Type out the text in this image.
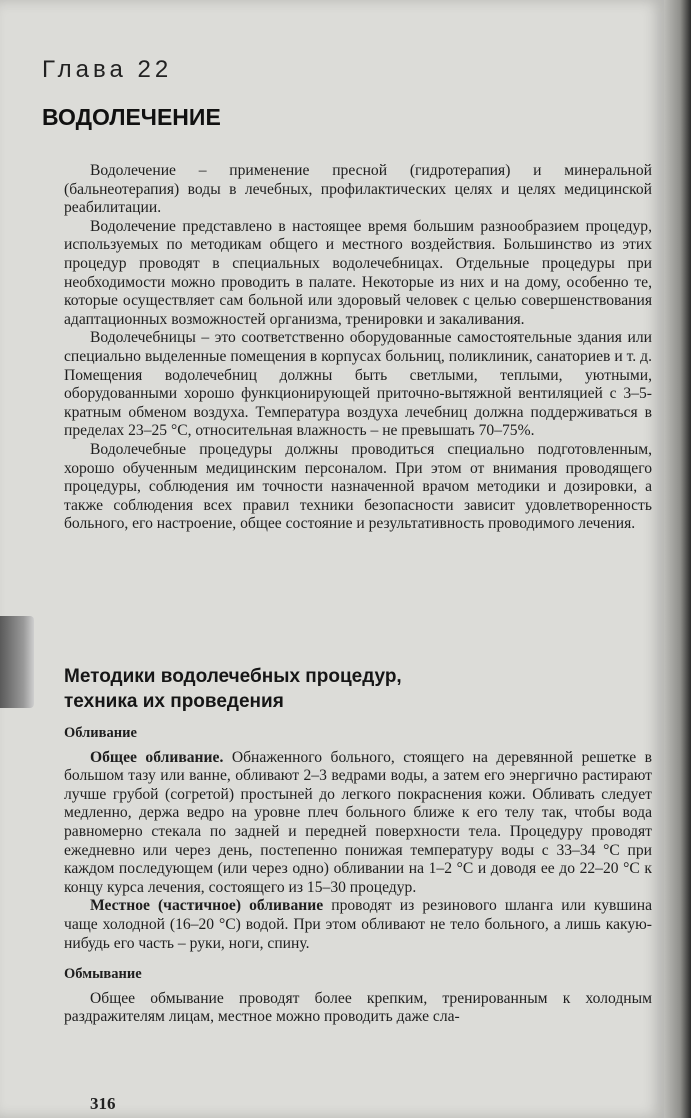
Глава 22
ВОДОЛЕЧЕНИЕ

Водолечение – применение пресной (гидротерапия) и минеральной (бальнеотерапия) воды в лечебных, профилактических целях и целях медицинской реабилитации.

Водолечение представлено в настоящее время большим разнообразием процедур, используемых по методикам общего и местного воздействия. Большинство из этих процедур проводят в специальных водолечебницах. Отдельные процедуры при необходимости можно проводить в палате. Некоторые из них и на дому, особенно те, которые осуществляет сам больной или здоровый человек с целью совершенствования адаптационных возможностей организма, тренировки и закаливания.

Водолечебницы – это соответственно оборудованные самостоятельные здания или специально выделенные помещения в корпусах больниц, поликлиник, санаториев и т. д. Помещения водолечебниц должны быть светлыми, теплыми, уютными, оборудованными хорошо функционирующей приточно-вытяжной вентиляцией с 3–5-кратным обменом воздуха. Температура воздуха лечебниц должна поддерживаться в пределах 23–25 °С, относительная влажность – не превышать 70–75%.

Водолечебные процедуры должны проводиться специально подготовленным, хорошо обученным медицинским персоналом. При этом от внимания проводящего процедуры, соблюдения им точности назначенной врачом методики и дозировки, а также соблюдения всех правил техники безопасности зависит удовлетворенность больного, его настроение, общее состояние и результативность проводимого лечения.

Методики водолечебных процедур,
техника их проведения

Обливание

Общее обливание. Обнаженного больного, стоящего на деревянной решетке в большом тазу или ванне, обливают 2–3 ведрами воды, а затем его энергично растирают лучше грубой (согретой) простыней до легкого покраснения кожи. Обливать следует медленно, держа ведро на уровне плеч больного ближе к его телу так, чтобы вода равномерно стекала по задней и передней поверхности тела. Процедуру проводят ежедневно или через день, постепенно понижая температуру воды с 33–34 °С при каждом последующем (или через одно) обливании на 1–2 °С и доводя ее до 22–20 °С к концу курса лечения, состоящего из 15–30 процедур.

Местное (частичное) обливание проводят из резинового шланга или кувшина чаще холодной (16–20 °С) водой. При этом обливают не тело больного, а лишь какую-нибудь его часть – руки, ноги, спину.

Обмывание

Общее обмывание проводят более крепким, тренированным к холодным раздражителям лицам, местное можно проводить даже сла-

316
